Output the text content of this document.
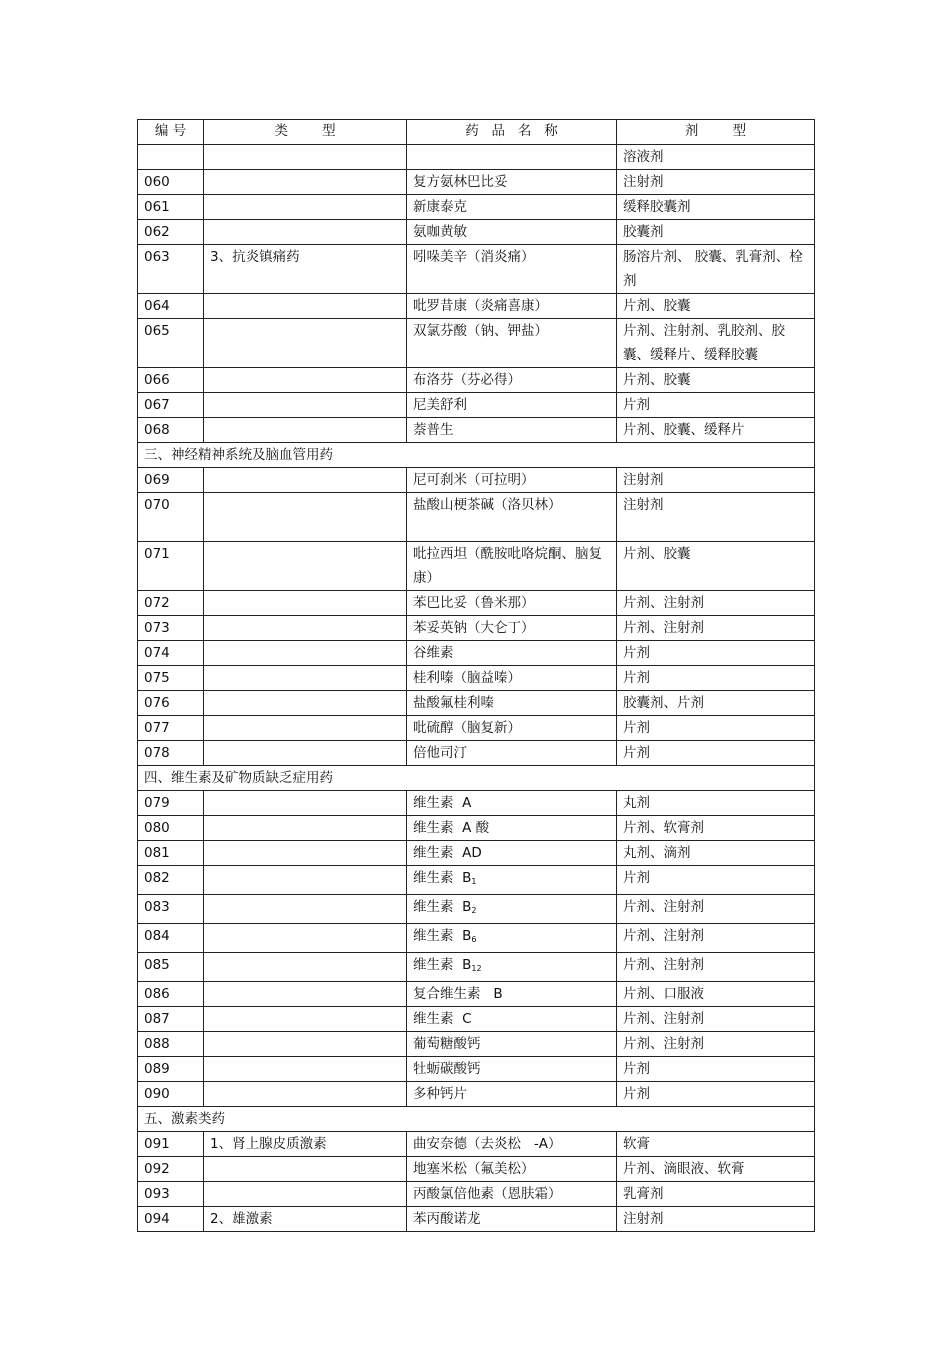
编 号	类        型	药   品   名   称	剂        型
			溶液剂
060		复方氨林巴比妥	注射剂
061		新康泰克	缓释胶囊剂
062		氨咖黄敏	胶囊剂
063	3、抗炎镇痛药	吲哚美辛（消炎痛）	肠溶片剂、 胶囊、乳膏剂、栓剂
064		吡罗昔康（炎痛喜康）	片剂、胶囊
065		双氯芬酸（钠、钾盐）	片剂、注射剂、乳胶剂、胶囊、缓释片、缓释胶囊
066		布洛芬（芬必得）	片剂、胶囊
067		尼美舒利	片剂
068		萘普生	片剂、胶囊、缓释片
三、神经精神系统及脑血管用药			
069		尼可刹米（可拉明）	注射剂
070		盐酸山梗茶碱（洛贝林）	注射剂
071		吡拉西坦（酰胺吡咯烷酮、脑复康）	片剂、胶囊
072		苯巴比妥（鲁米那）	片剂、注射剂
073		苯妥英钠（大仑丁）	片剂、注射剂
074		谷维素	片剂
075		桂利嗪（脑益嗪）	片剂
076		盐酸氟桂利嗪	胶囊剂、片剂
077		吡硫醇（脑复新）	片剂
078		倍他司汀	片剂
四、维生素及矿物质缺乏症用药			
079		维生素  A	丸剂
080		维生素  A 酸	片剂、软膏剂
081		维生素  AD	丸剂、滴剂
082		维生素  $B_1$	片剂
083		维生素  $B_2$	片剂、注射剂
084		维生素  $B_6$	片剂、注射剂
085		维生素  $B_{12}$	片剂、注射剂
086		复合维生素   B	片剂、口服液
087		维生素  C	片剂、注射剂
088		葡萄糖酸钙	片剂、注射剂
089		牡蛎碳酸钙	片剂
090		多种钙片	片剂
五、激素类药			
091	1、肾上腺皮质激素	曲安奈德（去炎松   -A）	软膏
092		地塞米松（氟美松）	片剂、滴眼液、软膏
093		丙酸氯倍他素（恩肤霜）	乳膏剂
094	2、雄激素	苯丙酸诺龙	注射剂
